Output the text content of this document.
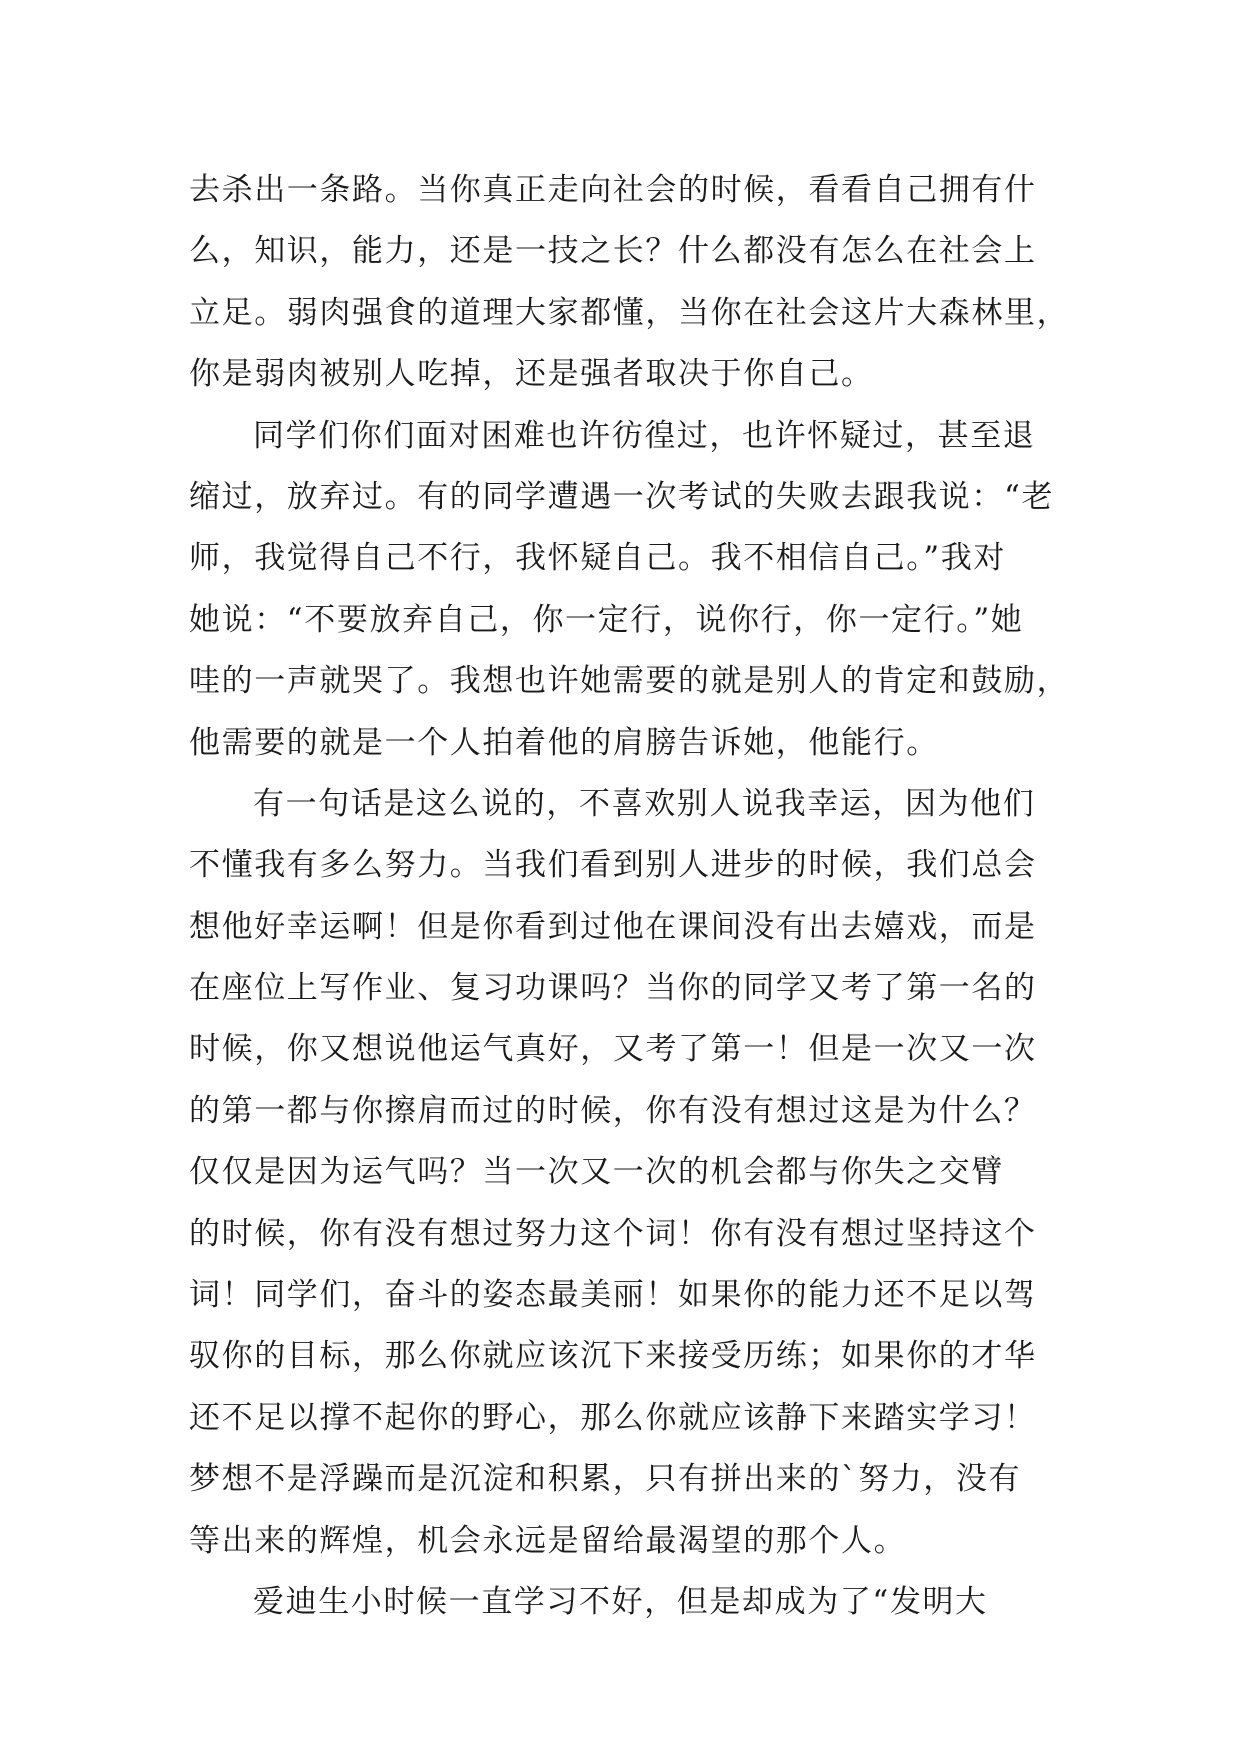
去杀出一条路。当你真正走向社会的时候，看看自己拥有什
么，知识，能力，还是一技之长？什么都没有怎么在社会上
立足。弱肉强食的道理大家都懂，当你在社会这片大森林里，
你是弱肉被别人吃掉，还是强者取决于你自己。
同学们你们面对困难也许彷徨过，也许怀疑过，甚至退
缩过，放弃过。有的同学遭遇一次考试的失败去跟我说：“老
师，我觉得自己不行，我怀疑自己。我不相信自己。”我对
她说：“不要放弃自己，你一定行，说你行，你一定行。”她
哇的一声就哭了。我想也许她需要的就是别人的肯定和鼓励，
他需要的就是一个人拍着他的肩膀告诉她，他能行。
有一句话是这么说的，不喜欢别人说我幸运，因为他们
不懂我有多么努力。当我们看到别人进步的时候，我们总会
想他好幸运啊！但是你看到过他在课间没有出去嬉戏，而是
在座位上写作业、复习功课吗？当你的同学又考了第一名的
时候，你又想说他运气真好，又考了第一！但是一次又一次
的第一都与你擦肩而过的时候，你有没有想过这是为什么？
仅仅是因为运气吗？当一次又一次的机会都与你失之交臂
的时候，你有没有想过努力这个词！你有没有想过坚持这个
词！同学们，奋斗的姿态最美丽！如果你的能力还不足以驾
驭你的目标，那么你就应该沉下来接受历练；如果你的才华
还不足以撑不起你的野心，那么你就应该静下来踏实学习！
梦想不是浮躁而是沉淀和积累，只有拼出来的`努力，没有
等出来的辉煌，机会永远是留给最渴望的那个人。
爱迪生小时候一直学习不好，但是却成为了“发明大
